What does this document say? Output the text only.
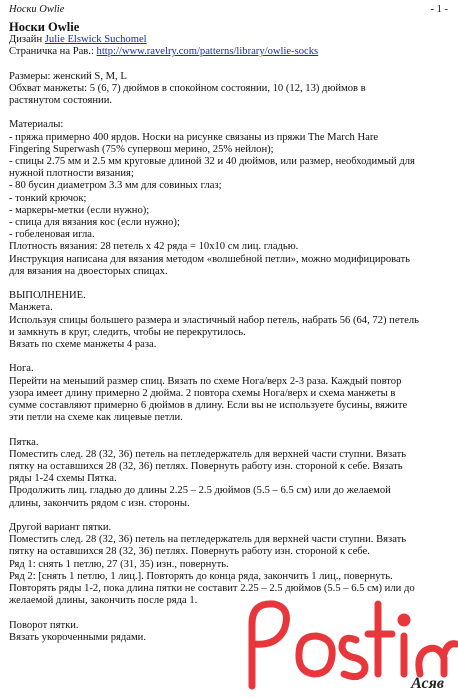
Носки Owlie	- 1 -
Носки Owlie
Дизайн Julie Elswick Suchomel
Страничка на Рав.: http://www.ravelry.com/patterns/library/owlie-socks
Размеры: женский S, M, L
Обхват манжеты: 5 (6, 7) дюймов в спокойном состоянии, 10 (12, 13) дюймов в
растянутом состоянии.
Материалы:
- пряжа примерно 400 ярдов. Носки на рисунке связаны из пряжи The March Hare
Fingering Superwash (75% супервош мерино, 25% нейлон);
- спицы 2.75 мм и 2.5 мм круговые длиной 32 и 40 дюймов, или размер, необходимый для
нужной плотности вязания;
- 80 бусин диаметром 3.3 мм для совиных глаз;
- тонкий крючок;
- маркеры-метки (если нужно);
- спица для вязания кос (если нужно);
- гобеленовая игла.
Плотность вязания: 28 петель х 42 ряда = 10х10 см лиц. гладью.
Инструкция написана для вязания методом «волшебной петли», можно модифицировать
для вязания на двоесторых спицах.
ВЫПОЛНЕНИЕ.
Манжета.
Используя спицы большего размера и эластичный набор петель, набрать 56 (64, 72) петель
и замкнуть в круг, следить, чтобы не перекрутилось.
Вязать по схеме манжеты 4 раза.
Нога.
Перейти на меньший размер спиц. Вязать по схеме Нога/верх 2-3 раза. Каждый повтор
узора имеет длину примерно 2 дюйма. 2 повтора схемы Нога/верх и схема манжеты в
сумме составляют примерно 6 дюймов в длину. Если вы не используете бусины, вяжите
эти петли на схеме как лицевые петли.
Пятка.
Поместить след. 28 (32, 36) петель на петледержатель для верхней части ступни. Вязать
пятку на оставшихся 28 (32, 36) петлях. Повернуть работу изн. стороной к себе. Вязать
ряды 1-24 схемы Пятка.
Продолжить лиц. гладью до длины 2.25 – 2.5 дюймов (5.5 – 6.5 см) или до желаемой
длины, закончить рядом с изн. стороны.
Другой вариант пятки.
Поместить след. 28 (32, 36) петель на петледержатель для верхней части ступни. Вязать
пятку на оставшихся 28 (32, 36) петлях. Повернуть работу изн. стороной к себе.
Ряд 1: снять 1 петлю, 27 (31, 35) изн., повернуть.
Ряд 2: [снять 1 петлю, 1 лиц.]. Повторять до конца ряда, закончить 1 лиц., повернуть.
Повторять ряды 1-2, пока длина пятки не составит 2.25 – 2.5 дюймов (5.5 – 6.5 см) или до
желаемой длины, закончить после ряда 1.
Поворот пятки.
Вязать укороченными рядами.
Асяв
